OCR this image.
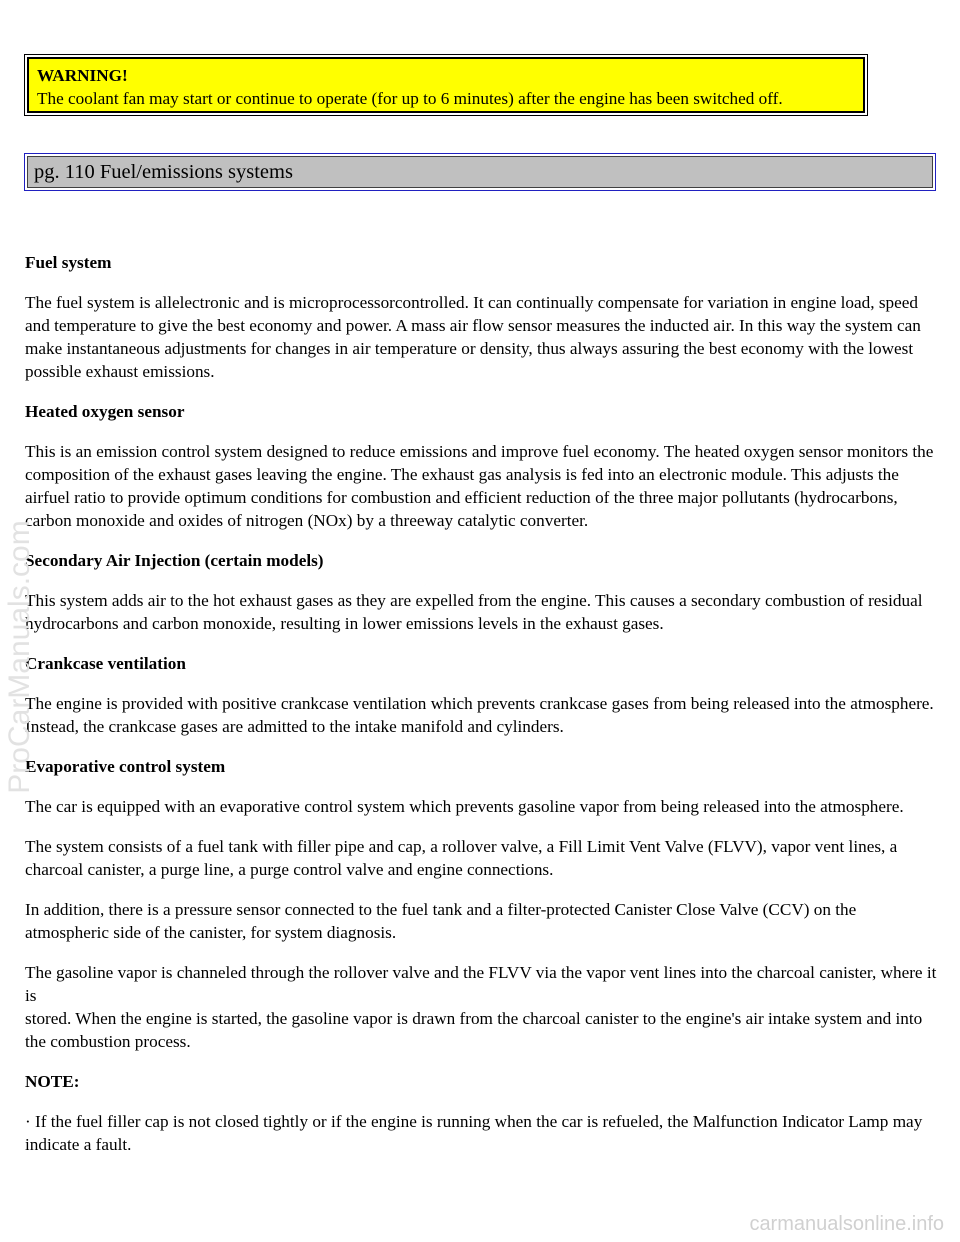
WARNING!
The coolant fan may start or continue to operate (for up to 6 minutes) after the engine has been switched off.
pg. 110 Fuel/emissions systems
Fuel system

The fuel system is allelectronic and is microprocessorcontrolled. It can continually compensate for variation in engine load, speed and temperature to give the best economy and power. A mass air flow sensor measures the inducted air. In this way the system can make instantaneous adjustments for changes in air temperature or density, thus always assuring the best economy with the lowest possible exhaust emissions.

Heated oxygen sensor

This is an emission control system designed to reduce emissions and improve fuel economy. The heated oxygen sensor monitors the composition of the exhaust gases leaving the engine. The exhaust gas analysis is fed into an electronic module. This adjusts the airfuel ratio to provide optimum conditions for combustion and efficient reduction of the three major pollutants (hydrocarbons, carbon monoxide and oxides of nitrogen (NOx) by a threeway catalytic converter.

Secondary Air Injection (certain models)

This system adds air to the hot exhaust gases as they are expelled from the engine. This causes a secondary combustion of residual hydrocarbons and carbon monoxide, resulting in lower emissions levels in the exhaust gases.

Crankcase ventilation

The engine is provided with positive crankcase ventilation which prevents crankcase gases from being released into the atmosphere. Instead, the crankcase gases are admitted to the intake manifold and cylinders.

Evaporative control system

The car is equipped with an evaporative control system which prevents gasoline vapor from being released into the atmosphere.

The system consists of a fuel tank with filler pipe and cap, a rollover valve, a Fill Limit Vent Valve (FLVV), vapor vent lines, a charcoal canister, a purge line, a purge control valve and engine connections.

In addition, there is a pressure sensor connected to the fuel tank and a filter-protected Canister Close Valve (CCV) on the atmospheric side of the canister, for system diagnosis.

The gasoline vapor is channeled through the rollover valve and the FLVV via the vapor vent lines into the charcoal canister, where it is
stored. When the engine is started, the gasoline vapor is drawn from the charcoal canister to the engine's air intake system and into the combustion process.

NOTE:

· If the fuel filler cap is not closed tightly or if the engine is running when the car is refueled, the Malfunction Indicator Lamp may indicate a fault.

ProCarManuals.com
carmanualsonline.info
